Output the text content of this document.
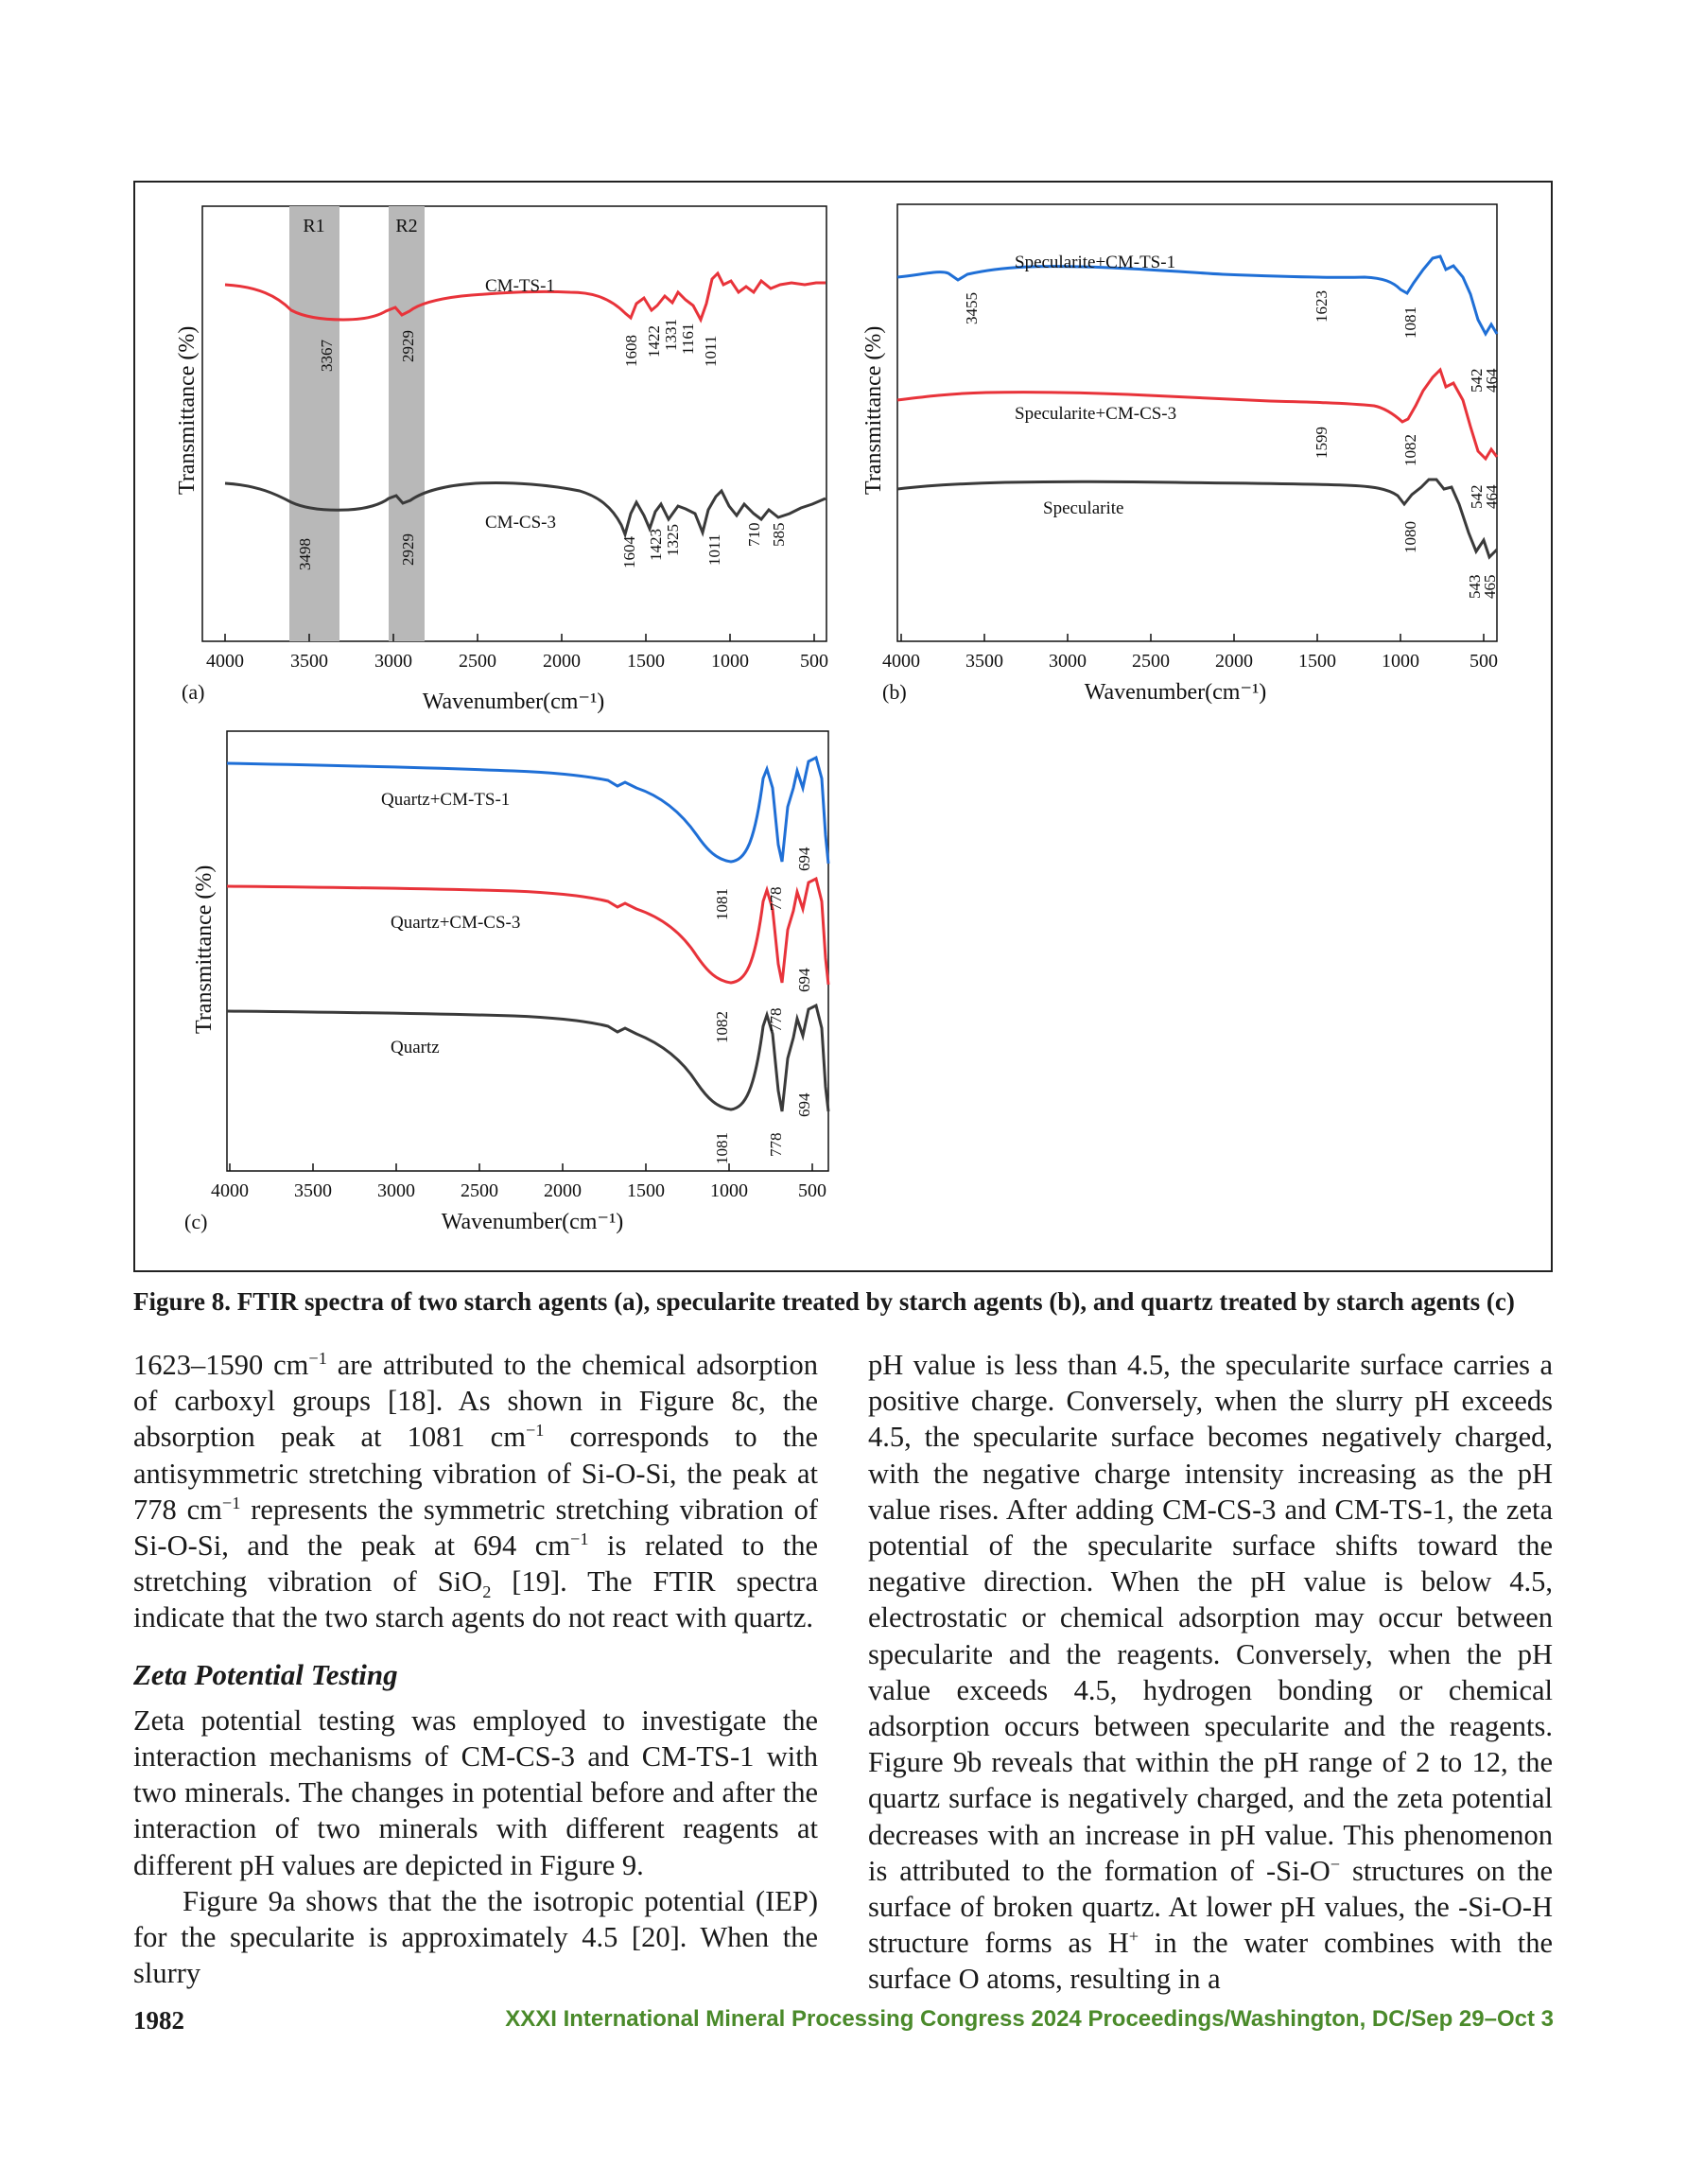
R1	R2
CM-TS-1
CM-CS-3
3367	2929	1608 1422 1331 1161 1011
3498	2929	1604 1423 1325 1011 710 585
4000 3500 3000 2500 2000 1500 1000	500
(a)	Wavenumber(cm⁻¹)
Transmittance (%)
Specularite+CM-TS-1
Specularite+CM-CS-3
Specularite
3455	1623	1081
542
464
1599	1082
542
464
1080
543
465
4000 3500 3000 2500 2000 1500 1000	500
(b)	Wavenumber(cm⁻¹)
Transmittance (%)
Quartz+CM-TS-1
Quartz+CM-CS-3
Quartz
1081 778
694
1082 778
694
1081 778
694
4000 3500 3000 2500 2000 1500 1000	500
(c)	Wavenumber(cm⁻¹)
Transmittance (%)
Figure 8. FTIR spectra of two starch agents (a), specularite treated by starch agents (b), and quartz treated by starch agents (c)

1623–1590 $cm^{-1}$ are attributed to the chemical adsorption of carboxyl groups [18]. As shown in Figure 8c, the absorption peak at 1081 $cm^{-1}$ corresponds to the antisymmetric stretching vibration of Si-O-Si, the peak at 778 $cm^{-1}$ represents the symmetric stretching vibration of Si-O-Si, and the peak at 694 $cm^{-1}$ is related to the stretching vibration of SiO$_2$ [19]. The FTIR spectra indicate that the two starch agents do not react with quartz.

Zeta Potential Testing

Zeta potential testing was employed to investigate the interaction mechanisms of CM-CS-3 and CM-TS-1 with two minerals. The changes in potential before and after the interaction of two minerals with different reagents at different pH values are depicted in Figure 9.

Figure 9a shows that the the isotropic potential (IEP) for the specularite is approximately 4.5 [20]. When the slurry

pH value is less than 4.5, the specularite surface carries a positive charge. Conversely, when the slurry pH exceeds 4.5, the specularite surface becomes negatively charged, with the negative charge intensity increasing as the pH value rises. After adding CM-CS-3 and CM-TS-1, the zeta potential of the specularite surface shifts toward the negative direction. When the pH value is below 4.5, electrostatic or chemical adsorption may occur between specularite and the reagents. Conversely, when the pH value exceeds 4.5, hydrogen bonding or chemical adsorption occurs between specularite and the reagents. Figure 9b reveals that within the pH range of 2 to 12, the quartz surface is negatively charged, and the zeta potential decreases with an increase in pH value. This phenomenon is attributed to the formation of -Si-O− structures on the surface of broken quartz. At lower pH values, the -Si-O-H structure forms as H+ in the water combines with the surface O atoms, resulting in a

1982	XXXI International Mineral Processing Congress 2024 Proceedings/Washington, DC/Sep 29–Oct 3
